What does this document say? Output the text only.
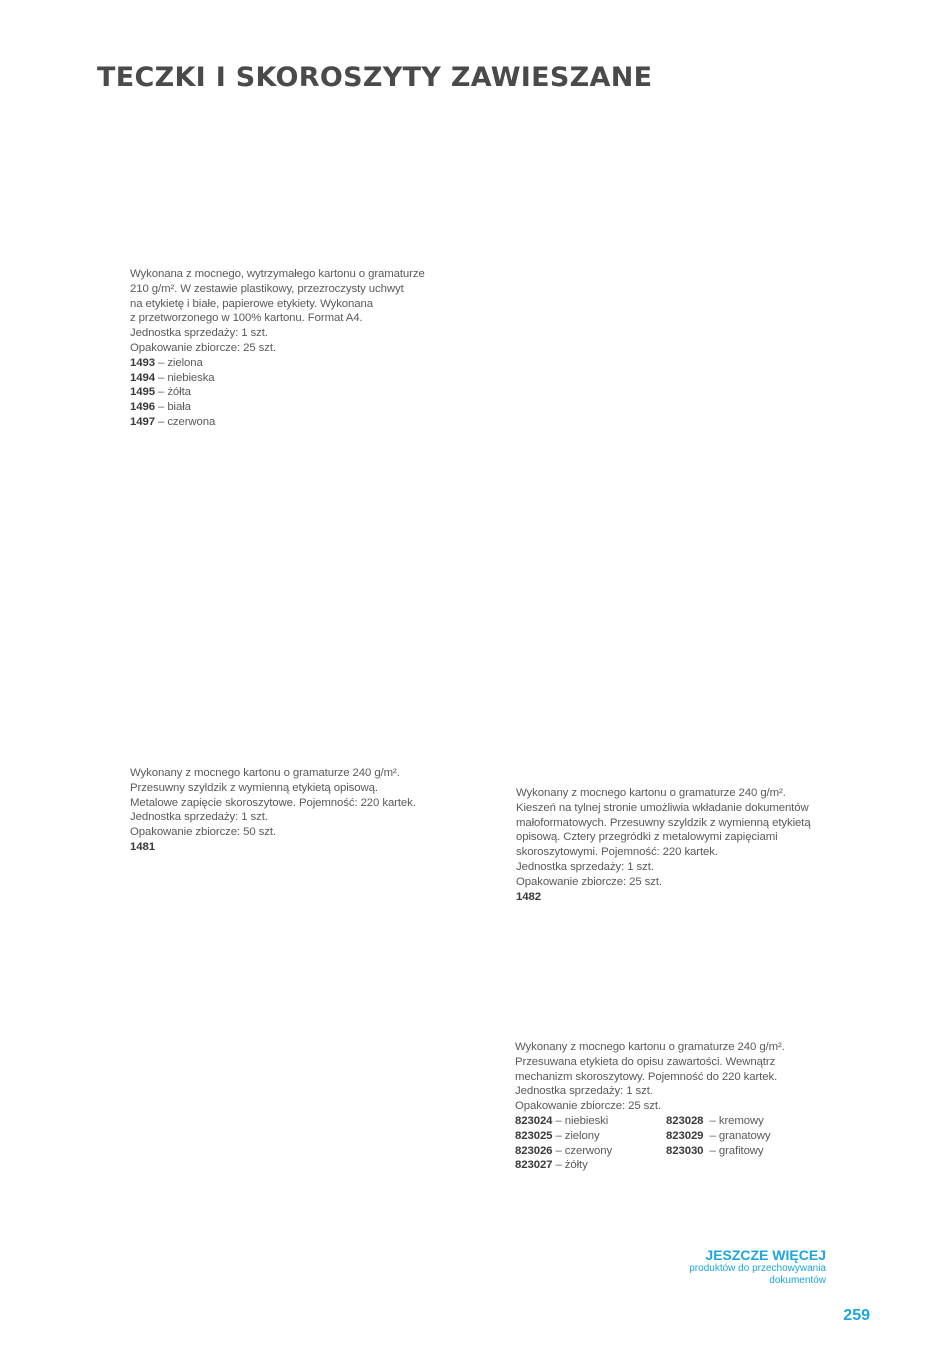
TECZKI I SKOROSZYTY ZAWIESZANE

Wykonana z mocnego, wytrzymałego kartonu o gramaturze

210 g/m². W zestawie plastikowy, przezroczysty uchwyt

na etykietę i białe, papierowe etykiety. Wykonana

z przetworzonego w 100% kartonu. Format A4.

Jednostka sprzedaży: 1 szt.

Opakowanie zbiorcze: 25 szt.

1493 – zielona
1494 – niebieska
1495 – żółta
1496 – biała
1497 – czerwona

Wykonany z mocnego kartonu o gramaturze 240 g/m².

Przesuwny szyldzik z wymienną etykietą opisową.

Metalowe zapięcie skoroszytowe. Pojemność: 220 kartek.

Jednostka sprzedaży: 1 szt.

Opakowanie zbiorcze: 50 szt.

1481

Wykonany z mocnego kartonu o gramaturze 240 g/m².

Kieszeń na tylnej stronie umożliwia wkładanie dokumentów

małoformatowych. Przesuwny szyldzik z wymienną etykietą

opisową. Cztery przegródki z metalowymi zapięciami

skoroszytowymi. Pojemność: 220 kartek.

Jednostka sprzedaży: 1 szt.

Opakowanie zbiorcze: 25 szt.

1482

Wykonany z mocnego kartonu o gramaturze 240 g/m².

Przesuwana etykieta do opisu zawartości. Wewnątrz

mechanizm skoroszytowy. Pojemność do 220 kartek.

Jednostka sprzedaży: 1 szt.

Opakowanie zbiorcze: 25 szt.

823024 – niebieski
823025 – zielony
823026 – czerwony
823027 – żółty
823028  – kremowy
823029  – granatowy
823030  – grafitowy
JESZCZE WIĘCEJ
produktów do przechowywania
dokumentów
259
